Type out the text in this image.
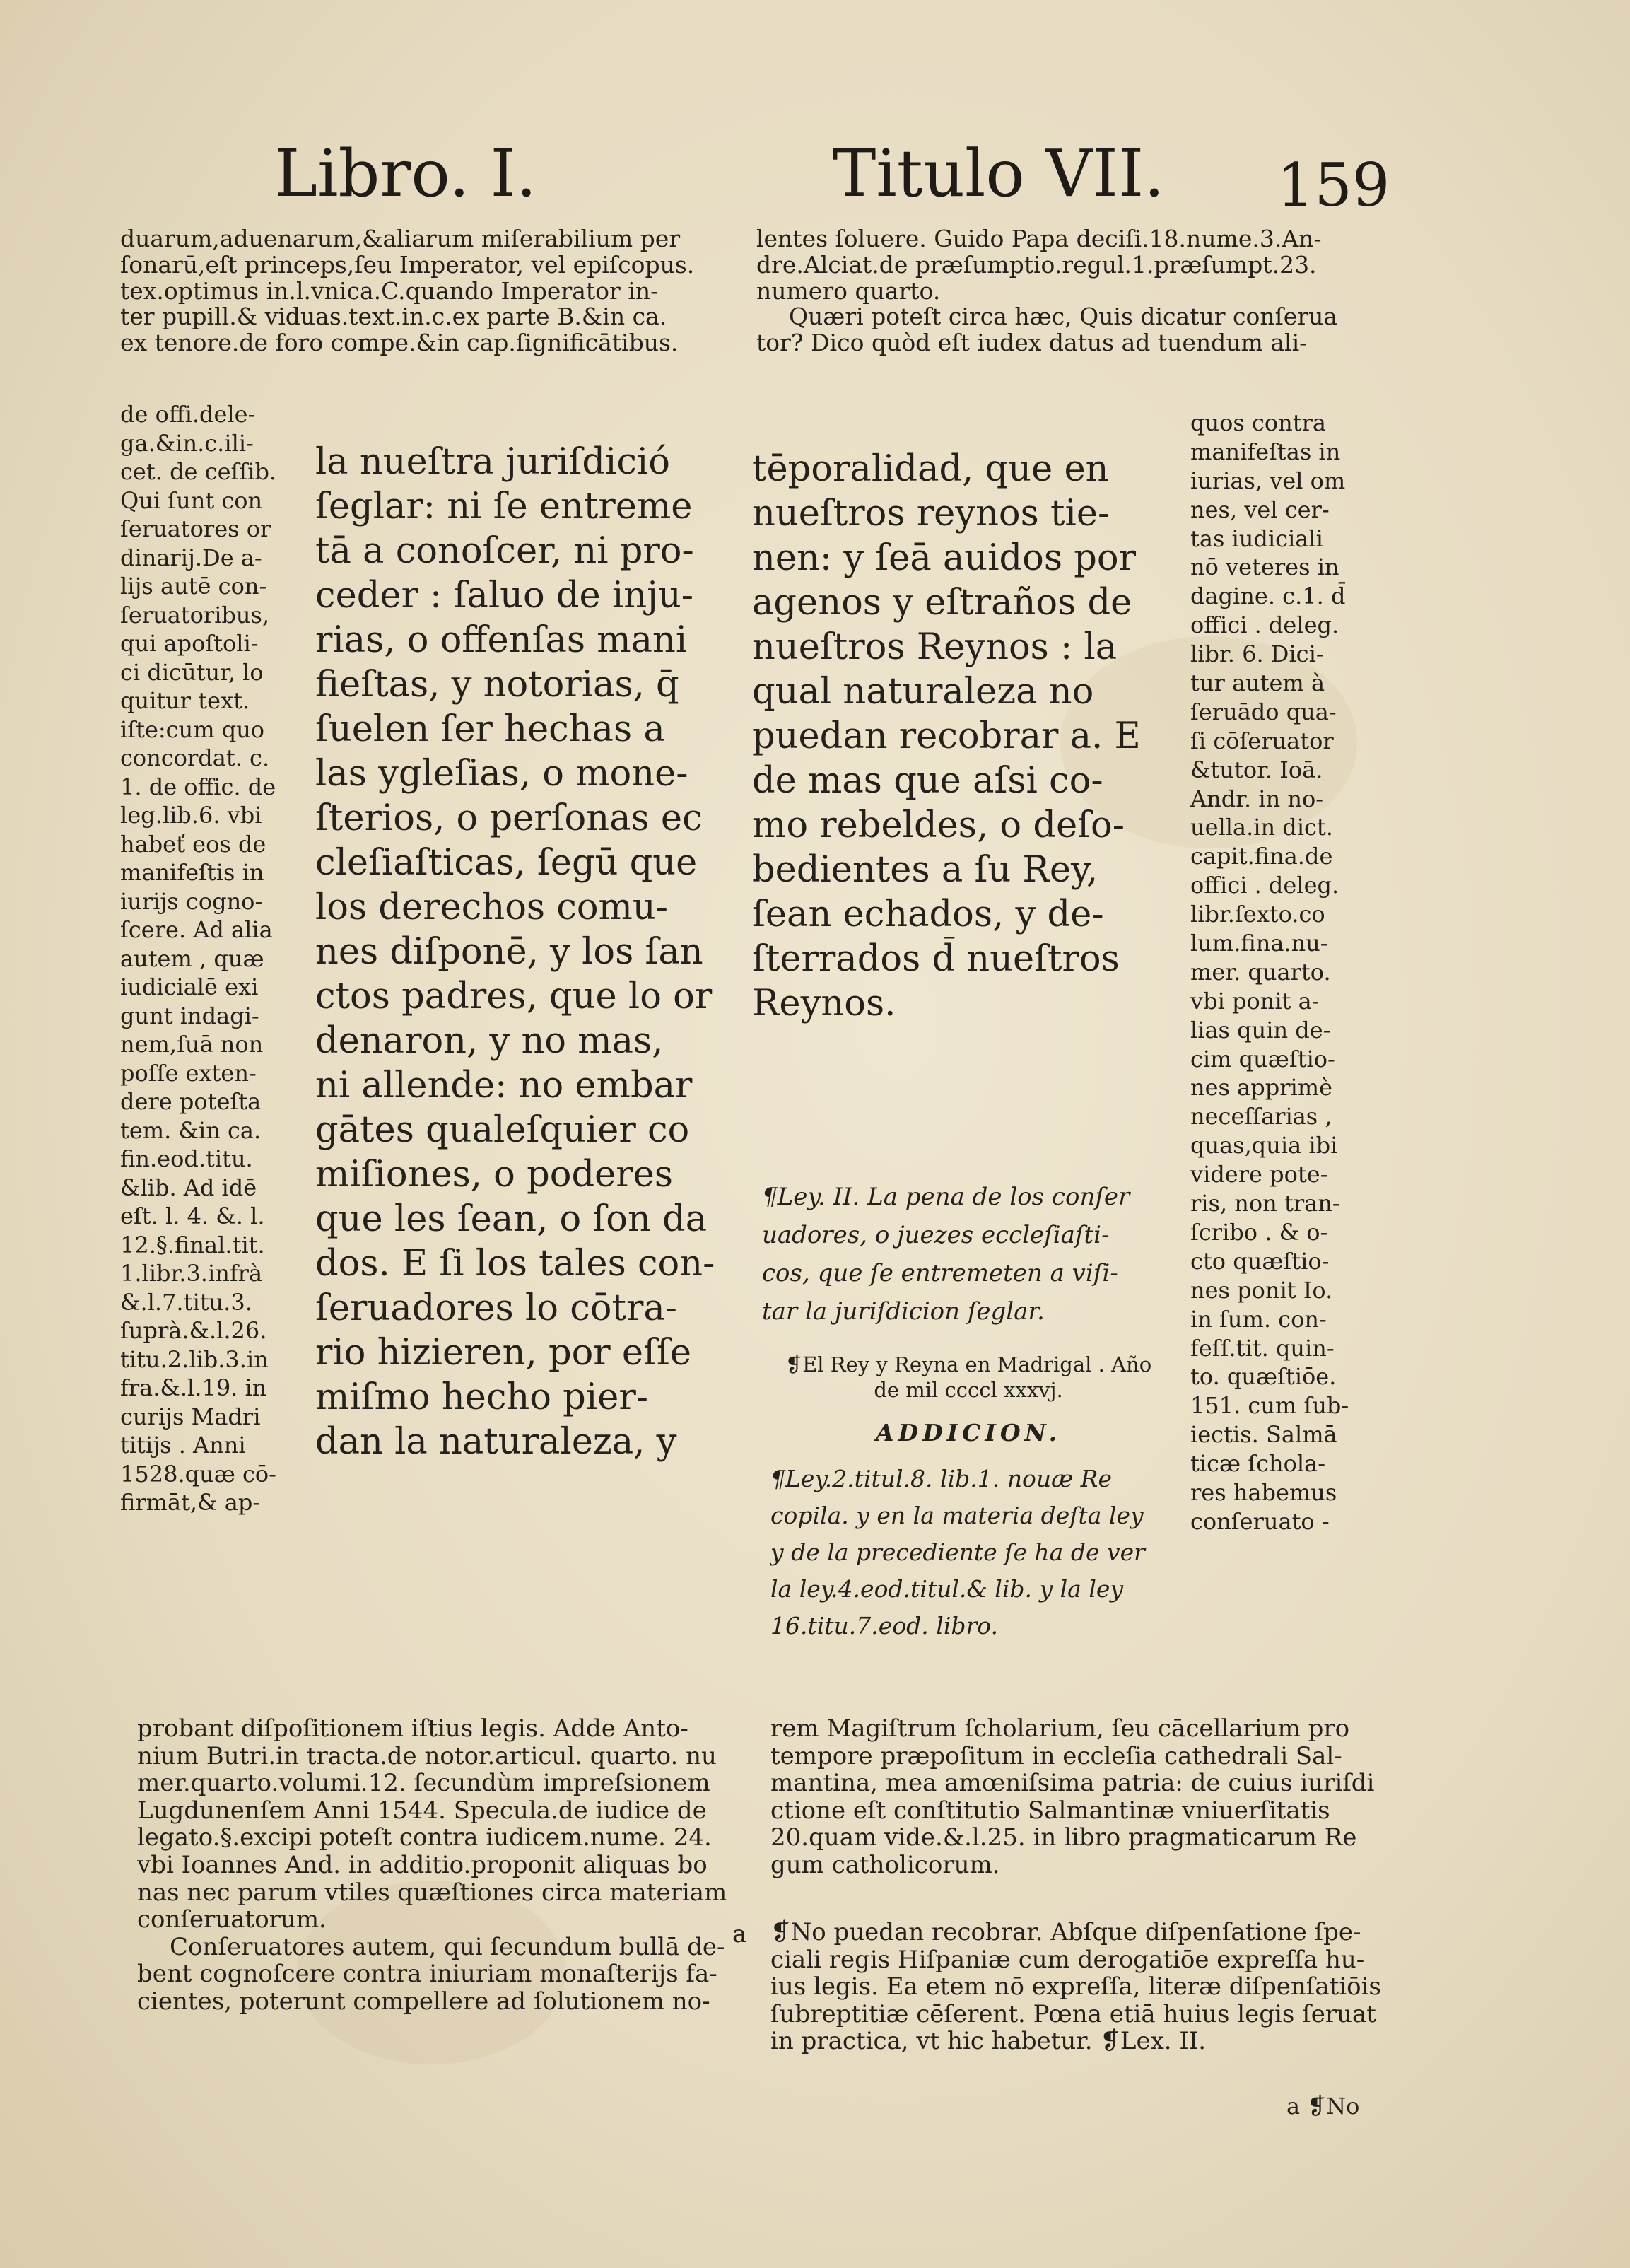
Libro. I.	Titulo VII. 159
duarum,aduenarum,&aliarum miſerabilium per
ſonarū,eſt princeps,ſeu Imperator, vel epiſcopus.
tex.optimus in.l.vnica.C.quando Imperator in-
ter pupill.& viduas.text.in.c.ex parte B.&in ca.
ex tenore.de foro compe.&in cap.ſignificātibus.
lentes ſoluere. Guido Papa deciſi.18.nume.3.An-
dre.Alciat.de præſumptio.regul.1.præſumpt.23.
numero quarto.
Quæri poteſt circa hæc, Quis dicatur conſerua
tor? Dico quòd eſt iudex datus ad tuendum ali-
de offi.dele-
ga.&in.c.ili-
cet. de ceſſib.
Qui ſunt con
ſeruatores or
dinarij.De a-
lijs autē con-
ſeruatoribus,
qui apoſtoli-
ci dicūtur, lo
quitur text.
iſte:cum quo
concordat. c.
1. de offic. de
leg.lib.6. vbi
habeť eos de
manifeſtis in
iurijs cogno-
ſcere. Ad alia
autem , quæ
iudicialē exi
gunt indagi-
nem,ſuā non
poſſe exten-
dere poteſta
tem. &in ca.
fin.eod.titu.
&lib. Ad idē
eſt. l. 4. &. l.
12.§.final.tit.
1.libr.3.infrà
&.l.7.titu.3.
ſuprà.&.l.26.
titu.2.lib.3.in
fra.&.l.19. in
curijs Madri
titijs . Anni
1528.quæ cō-
firmāt,& ap-
la nueſtra juriſdició
ſeglar: ni ſe entreme
tā a conoſcer, ni pro-
ceder : ſaluo de inju-
rias, o offenſas mani
fieſtas, y notorias, q̄
ſuelen ſer hechas a
las ygleſias, o mone-
ſterios, o perſonas ec
cleſiaſticas, ſegū que
los derechos comu-
nes diſponē, y los ſan
ctos padres, que lo or
denaron, y no mas,
ni allende: no embar
gātes qualeſquier co
miſiones, o poderes
que les ſean, o ſon da
dos. E ſi los tales con-
ſeruadores lo cōtra-
rio hizieren, por eſſe
miſmo hecho pier-
dan la naturaleza, y
tēporalidad, que en
nueſtros reynos tie-
nen: y ſeā auidos por
agenos y eſtraños de
nueſtros Reynos : la
qual naturaleza no
puedan recobrar a. E
de mas que aſsi co-
mo rebeldes, o deſo-
bedientes a ſu Rey,
ſean echados, y de-
ſterrados d̄ nueſtros
Reynos.
¶Ley. II. La pena de los conſer
uadores, o juezes eccleſiaſti-
cos, que ſe entremeten a viſi-
tar la juriſdicion ſeglar.
❡El Rey y Reyna en Madrigal . Año
de mil ccccl xxxvj.
ADDICION.
¶Ley.2.titul.8. lib.1. nouæ Re
copila. y en la materia deſta ley
y de la precediente ſe ha de ver
la ley.4.eod.titul.& lib. y la ley
16.titu.7.eod. libro.
quos contra
manifeſtas in
iurias, vel om
nes, vel cer-
tas iudiciali
nō veteres in
dagine. c.1. d̄
offici . deleg.
libr. 6. Dici-
tur autem à
ſeruādo qua-
ſi cōſeruator
&tutor. Ioā.
Andr. in no-
uella.in dict.
capit.fina.de
offici . deleg.
libr.ſexto.co
lum.fina.nu-
mer. quarto.
vbi ponit a-
lias quin de-
cim quæſtio-
nes apprimè
neceſſarias ,
quas,quia ibi
videre pote-
ris, non tran-
ſcribo . & o-
cto quæſtio-
nes ponit Io.
in ſum. con-
feſſ.tit. quin-
to. quæſtiōe.
151. cum ſub-
iectis. Salmā
ticæ ſchola-
res habemus
conſeruato -
probant diſpoſitionem iſtius legis. Adde Anto-
nium Butri.in tracta.de notor.articul. quarto. nu
mer.quarto.volumi.12. ſecundùm impreſsionem
Lugdunenſem Anni 1544. Specula.de iudice de
legato.§.excipi poteſt contra iudicem.nume. 24.
vbi Ioannes And. in additio.proponit aliquas bo
nas nec parum vtiles quæſtiones circa materiam
conſeruatorum.
Conſeruatores autem, qui ſecundum bullā de-
bent cognoſcere contra iniuriam monaſterijs fa-
cientes, poterunt compellere ad ſolutionem no-
rem Magiſtrum ſcholarium, ſeu cācellarium pro
tempore præpoſitum in eccleſia cathedrali Sal-
mantina, mea amœniſsima patria: de cuius iuriſdi
ctione eſt conſtitutio Salmantinæ vniuerſitatis
20.quam vide.&.l.25. in libro pragmaticarum Re
gum catholicorum.
a ❡No puedan recobrar. Abſque diſpenſatione ſpe-
ciali regis Hiſpaniæ cum derogatiōe expreſſa hu-
ius legis. Ea etem nō expreſſa, literæ diſpenſatiōis
ſubreptitiæ cēſerent. Pœna etiā huius legis ſeruat
in practica, vt hic habetur. ❡Lex. II.
a ❡No
